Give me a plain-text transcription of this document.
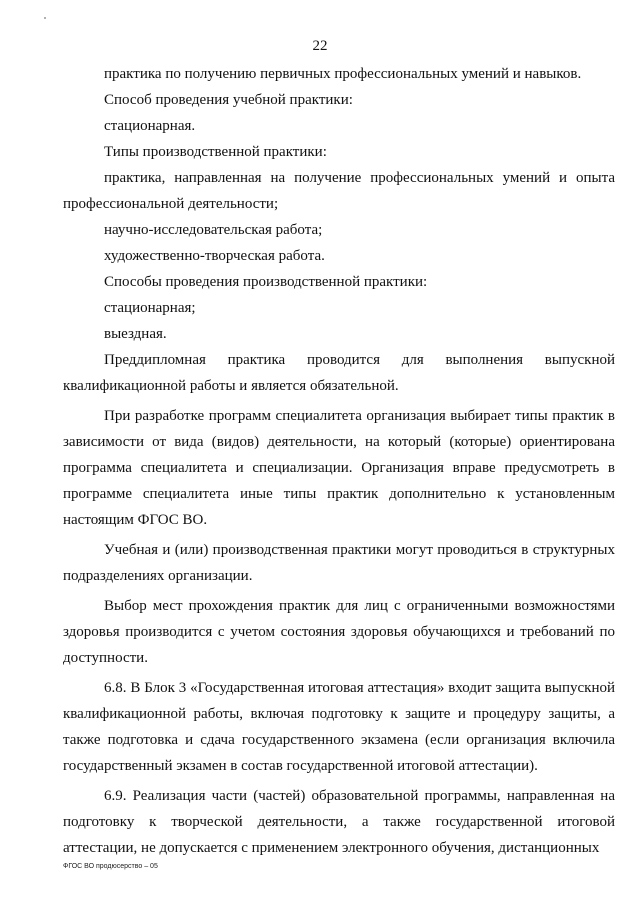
22

практика по получению первичных профессиональных умений и навыков.

Способ проведения учебной практики:

стационарная.

Типы производственной практики:

практика, направленная на получение профессиональных умений и опыта профессиональной деятельности;

научно-исследовательская работа;

художественно-творческая работа.

Способы проведения производственной практики:

стационарная;

выездная.

Преддипломная практика проводится для выполнения выпускной квалификационной работы и является обязательной.

При разработке программ специалитета организация выбирает типы практик в зависимости от вида (видов) деятельности, на который (которые) ориентирована программа специалитета и специализации. Организация вправе предусмотреть в программе специалитета иные типы практик дополнительно к установленным настоящим ФГОС ВО.

Учебная и (или) производственная практики могут проводиться в структурных подразделениях организации.

Выбор мест прохождения практик для лиц с ограниченными возможностями здоровья производится с учетом состояния здоровья обучающихся и требований по доступности.

6.8. В Блок 3 «Государственная итоговая аттестация» входит защита выпускной квалификационной работы, включая подготовку к защите и процедуру защиты, а также подготовка и сдача государственного экзамена (если организация включила государственный экзамен в состав государственной итоговой аттестации).

6.9. Реализация части (частей) образовательной программы, направленная на подготовку к творческой деятельности, а также государственной итоговой аттестации, не допускается с применением электронного обучения, дистанционных

ФГОС ВО продюсерство – 05
